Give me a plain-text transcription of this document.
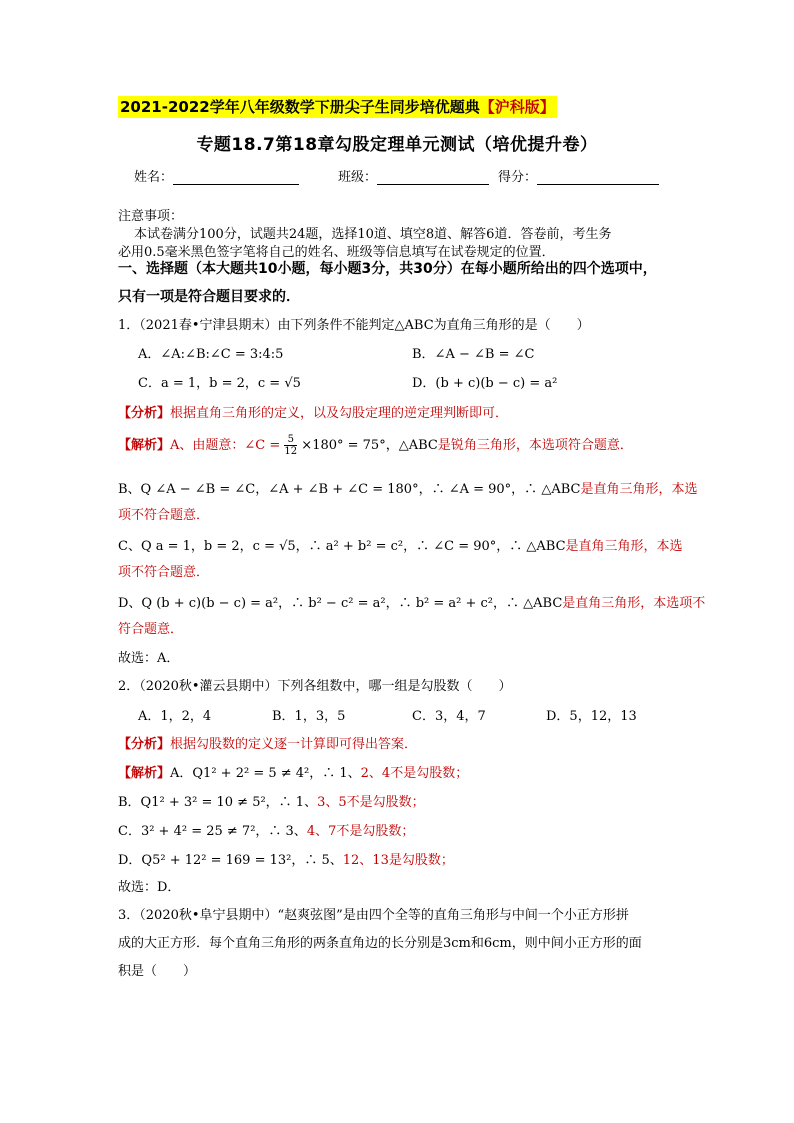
2021-2022学年八年级数学下册尖子生同步培优题典【沪科版】
专题18.7第18章勾股定理单元测试（培优提升卷）
姓名：	班级：	得分：
注意事项：
本试卷满分100分，试题共24题，选择10道、填空8道、解答6道．答卷前，考生务
必用0.5毫米黑色签字笔将自己的姓名、班级等信息填写在试卷规定的位置．
一、选择题（本大题共10小题，每小题3分，共30分）在每小题所给出的四个选项中，
只有一项是符合题目要求的．
1．（2021春•宁津县期末）由下列条件不能判定△ABC为直角三角形的是（　　）
A．∠A:∠B:∠C = 3:4:5	B．∠A − ∠B = ∠C
C．a = 1，b = 2，c = √5	D．(b + c)(b − c) = a²
【分析】根据直角三角形的定义，以及勾股定理的逆定理判断即可．
【解析】A、由题意：∠C = $\frac{5}{12} \times 180^\circ = 75^\circ$，△ABC是锐角三角形，本选项符合题意．
B、Q ∠A − ∠B = ∠C，∠A + ∠B + ∠C = 180°，∴ ∠A = 90°，∴ △ABC是直角三角形，本选
项不符合题意．
C、Q a = 1，b = 2，c = √5，∴ a² + b² = c²，∴ ∠C = 90°，∴ △ABC是直角三角形，本选
项不符合题意．
D、Q (b + c)(b − c) = a²，∴ b² − c² = a²，∴ b² = a² + c²，∴ △ABC是直角三角形，本选项不
符合题意．
故选：A．
2．（2020秋•灌云县期中）下列各组数中，哪一组是勾股数（　　）
A．1，2，4	B．1，3，5	C．3，4，7	D．5，12，13
【分析】根据勾股数的定义逐一计算即可得出答案．
【解析】A．Q1² + 2² = 5 ≠ 4²，∴ 1、2、4不是勾股数；
B．Q1² + 3² = 10 ≠ 5²，∴ 1、3、5不是勾股数；
C．3² + 4² = 25 ≠ 7²，∴ 3、4、7不是勾股数；
D．Q5² + 12² = 169 = 13²，∴ 5、12、13是勾股数；
故选：D．
3．（2020秋•阜宁县期中）“赵爽弦图”是由四个全等的直角三角形与中间一个小正方形拼
成的大正方形．每个直角三角形的两条直角边的长分别是3cm和6cm，则中间小正方形的面
积是（　　）
